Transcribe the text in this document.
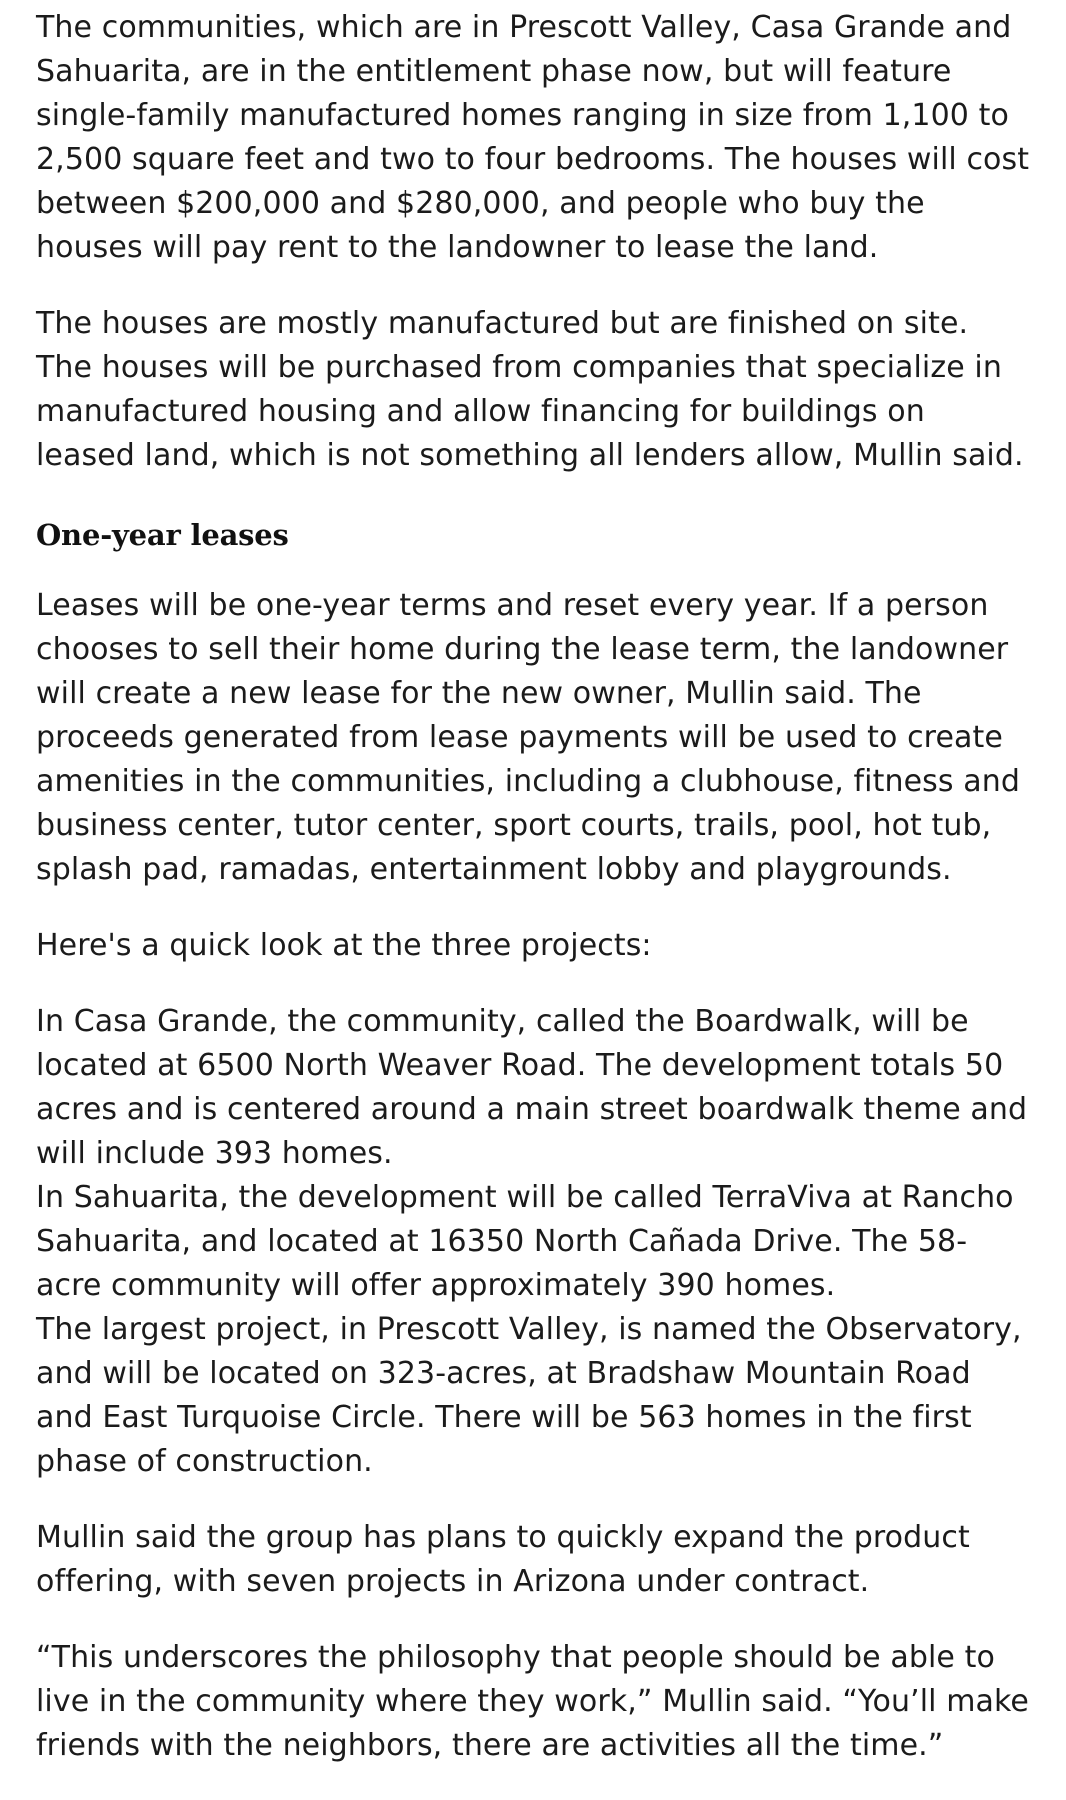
The communities, which are in Prescott Valley, Casa Grande and Sahuarita, are in the entitlement phase now, but will feature single-family manufactured homes ranging in size from 1,100 to 2,500 square feet and two to four bedrooms. The houses will cost between $200,000 and $280,000, and people who buy the houses will pay rent to the landowner to lease the land.

The houses are mostly manufactured but are finished on site. The houses will be purchased from companies that specialize in manufactured housing and allow financing for buildings on leased land, which is not something all lenders allow, Mullin said.

One-year leases

Leases will be one-year terms and reset every year. If a person chooses to sell their home during the lease term, the landowner will create a new lease for the new owner, Mullin said. The proceeds generated from lease payments will be used to create amenities in the communities, including a clubhouse, fitness and business center, tutor center, sport courts, trails, pool, hot tub, splash pad, ramadas, entertainment lobby and playgrounds.

Here's a quick look at the three projects:

In Casa Grande, the community, called the Boardwalk, will be located at 6500 North Weaver Road. The development totals 50 acres and is centered around a main street boardwalk theme and will include 393 homes.

In Sahuarita, the development will be called TerraViva at Rancho Sahuarita, and located at 16350 North Cañada Drive. The 58-acre community will offer approximately 390 homes.

The largest project, in Prescott Valley, is named the Observatory, and will be located on 323-acres, at Bradshaw Mountain Road and East Turquoise Circle. There will be 563 homes in the first phase of construction.

Mullin said the group has plans to quickly expand the product offering, with seven projects in Arizona under contract.

“This underscores the philosophy that people should be able to live in the community where they work,” Mullin said. “You’ll make friends with the neighbors, there are activities all the time.”
